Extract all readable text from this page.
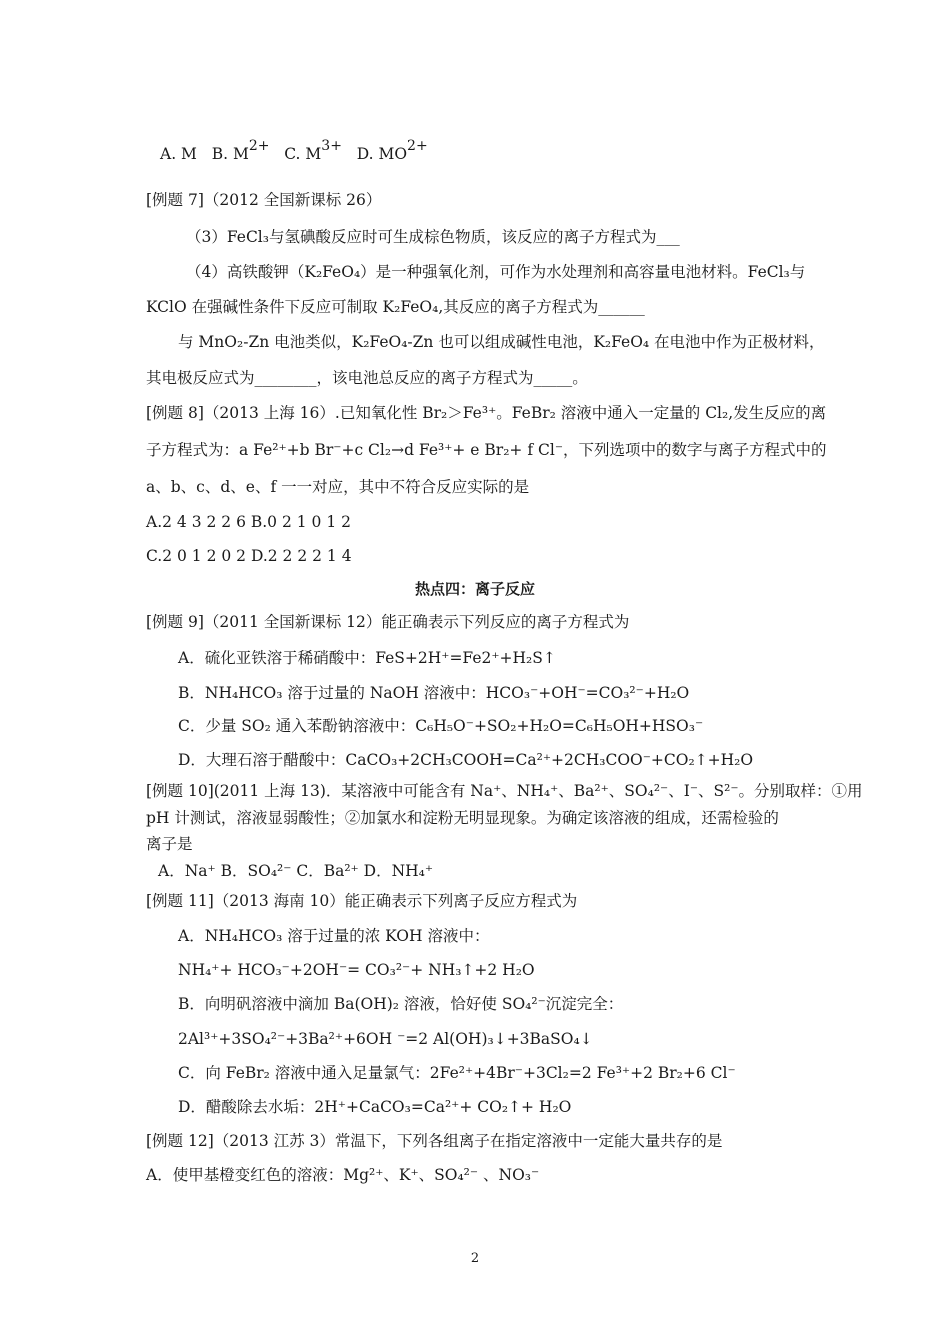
A. M B. $M^{2+}$ C. $M^{3+}$ D. $MO^{2+}$
[例题 7]（2012 全国新课标 26）
（3）FeCl₃与氢碘酸反应时可生成棕色物质，该反应的离子方程式为___
（4）高铁酸钾（K₂FeO₄）是一种强氧化剂，可作为水处理剂和高容量电池材料。FeCl₃与
KClO 在强碱性条件下反应可制取 K₂FeO₄,其反应的离子方程式为______
与 MnO₂-Zn 电池类似，K₂FeO₄-Zn 也可以组成碱性电池，K₂FeO₄ 在电池中作为正极材料，
其电极反应式为________，该电池总反应的离子方程式为_____。
[例题 8]（2013 上海 16）.已知氧化性 Br₂＞Fe³⁺。FeBr₂ 溶液中通入一定量的 Cl₂,发生反应的离
子方程式为：a Fe²⁺+b Br⁻+c Cl₂→d Fe³⁺+ e Br₂+ f Cl⁻，下列选项中的数字与离子方程式中的
a、b、c、d、e、f 一一对应，其中不符合反应实际的是
A.2 4 3 2 2 6 B.0 2 1 0 1 2
C.2 0 1 2 0 2 D.2 2 2 2 1 4
热点四：离子反应
[例题 9]（2011 全国新课标 12）能正确表示下列反应的离子方程式为
A．硫化亚铁溶于稀硝酸中：FeS+2H⁺=Fe2⁺+H₂S↑
B．NH₄HCO₃ 溶于过量的 NaOH 溶液中：HCO₃⁻+OH⁻=CO₃²⁻+H₂O
C．少量 SO₂ 通入苯酚钠溶液中：C₆H₅O⁻+SO₂+H₂O=C₆H₅OH+HSO₃⁻
D．大理石溶于醋酸中：CaCO₃+2CH₃COOH=Ca²⁺+2CH₃COO⁻+CO₂↑+H₂O
[例题 10](2011 上海 13)．某溶液中可能含有 Na⁺、NH₄⁺、Ba²⁺、SO₄²⁻、I⁻、S²⁻。分别取样：①用
pH 计测试，溶液显弱酸性；②加氯水和淀粉无明显现象。为确定该溶液的组成，还需检验的
离子是
A．Na⁺ B．SO₄²⁻ C．Ba²⁺ D．NH₄⁺
[例题 11]（2013 海南 10）能正确表示下列离子反应方程式为
A．NH₄HCO₃ 溶于过量的浓 KOH 溶液中：
NH₄⁺+ HCO₃⁻+2OH⁻= CO₃²⁻+ NH₃↑+2 H₂O
B．向明矾溶液中滴加 Ba(OH)₂ 溶液，恰好使 SO₄²⁻沉淀完全：
2Al³⁺+3SO₄²⁻+3Ba²⁺+6OH ⁻=2 Al(OH)₃↓+3BaSO₄↓
C．向 FeBr₂ 溶液中通入足量氯气：2Fe²⁺+4Br⁻+3Cl₂=2 Fe³⁺+2 Br₂+6 Cl⁻
D．醋酸除去水垢：2H⁺+CaCO₃=Ca²⁺+ CO₂↑+ H₂O
[例题 12]（2013 江苏 3）常温下，下列各组离子在指定溶液中一定能大量共存的是
A．使甲基橙变红色的溶液：Mg²⁺、K⁺、SO₄²⁻ 、NO₃⁻
2
